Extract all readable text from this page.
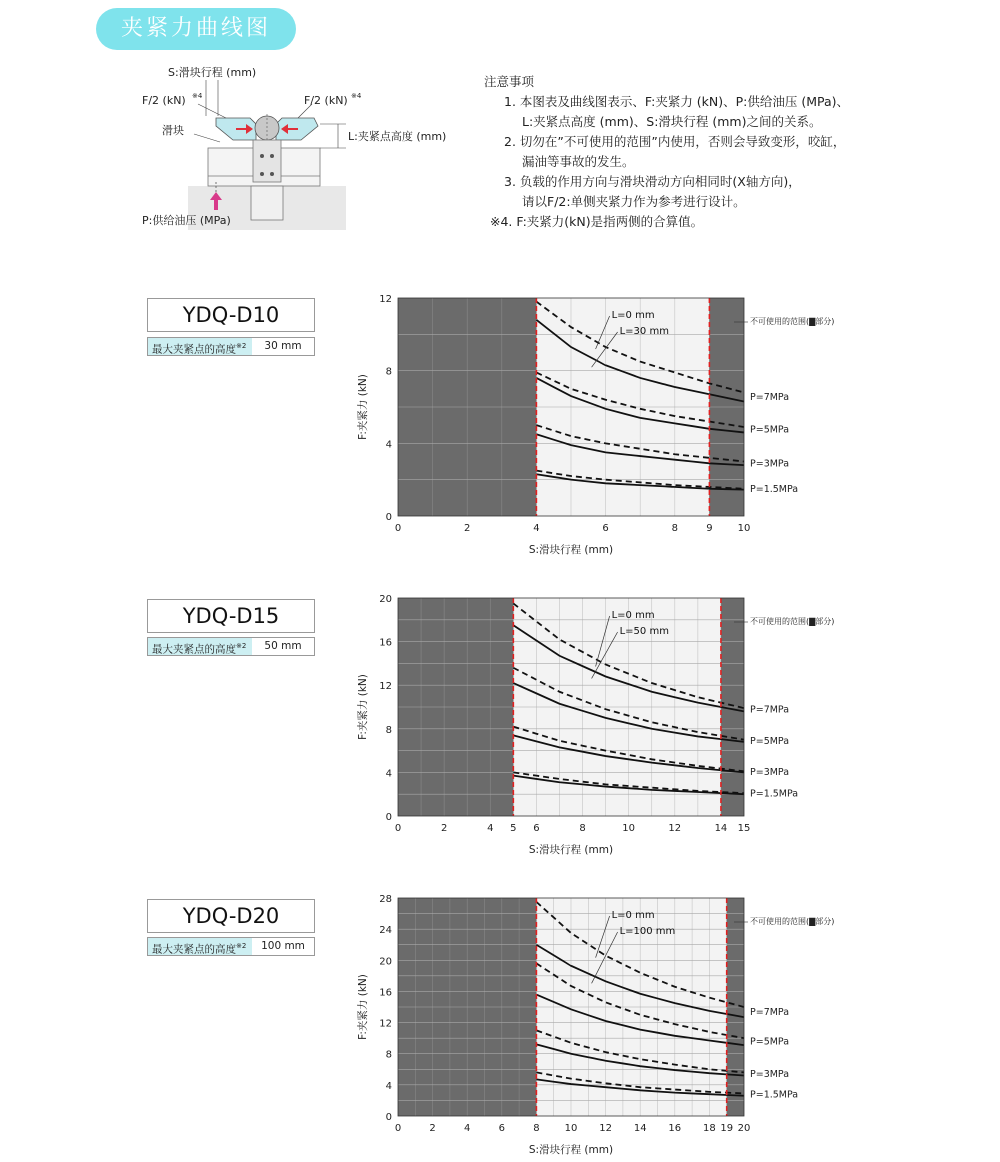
夹紧力曲线图
S:滑块行程 (mm)
F/2 (kN) ※4	F/2 (kN) ※4
滑块	L:夹紧点高度 (mm)
P:供给油压 (MPa)
注意事项
1. 本图表及曲线图表示、F:夹紧力 (kN)、P:供给油压 (MPa)、
L:夹紧点高度 (mm)、S:滑块行程 (mm)之间的关系。
2. 切勿在”不可使用的范围”内使用，否则会导致变形，咬缸，
漏油等事故的发生。
3. 负载的作用方向与滑块滑动方向相同时(X轴方向)，
请以F/2:单侧夹紧力作为参考进行设计。
※4. F:夹紧力(kN)是指两侧的合算值。
YDQ-D10
最大夹紧点的高度$^{※2}$	30 mm
YDQ-D15
最大夹紧点的高度$^{※2}$	50 mm
YDQ-D20
最大夹紧点的高度$^{※2}$	100 mm
0	2	4	6	8	9	10
0
4
8
12
S:滑块行程 (mm)
F:夹紧力 (kN)
不可使用的范围(▇部分)
P=7MPa
P=5MPa
P=3MPa
P=1.5MPa
L=0 mm
L=30 mm
0	2	4 5 6	8	10	12	14 15
0
4
8
12
16
20
S:滑块行程 (mm)
F:夹紧力 (kN)
不可使用的范围(▇部分)
P=7MPa
P=5MPa
P=3MPa
P=1.5MPa
L=0 mm
L=50 mm
0	2	4	6	8	10 12 14 16 18 19 20
0
4
8
12
16
20
24
28
S:滑块行程 (mm)
F:夹紧力 (kN)
不可使用的范围(▇部分)
P=7MPa
P=5MPa
P=3MPa
P=1.5MPa
L=0 mm
L=100 mm
